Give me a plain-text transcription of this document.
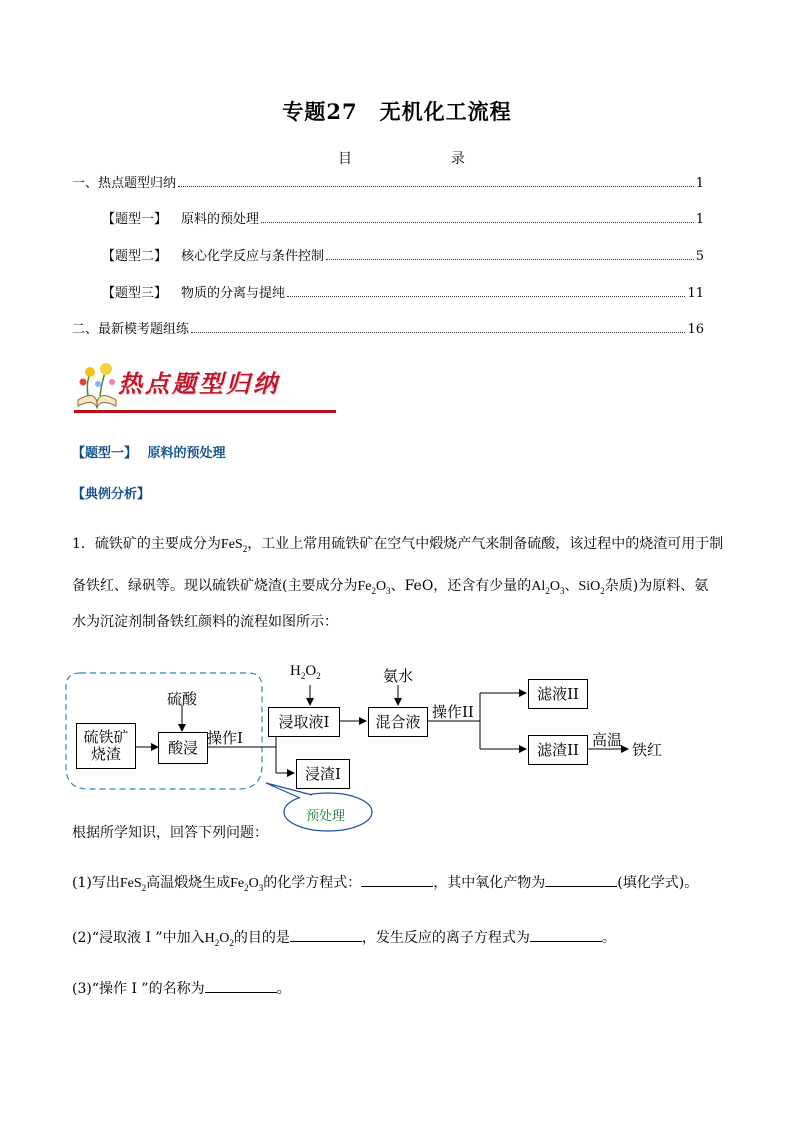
专题27　无机化工流程
目	录
一、热点题型归纳	1
【题型一】 原料的预处理	1
【题型二】 核心化学反应与条件控制	5
【题型三】 物质的分离与提纯	11
二、最新模考题组练	16
热点题型归纳
【题型一】 原料的预处理
【典例分析】
1．硫铁矿的主要成分为FeS$_2$，工业上常用硫铁矿在空气中煅烧产气来制备硫酸，该过程中的烧渣可用于制
备铁红、绿矾等。现以硫铁矿烧渣(主要成分为$Fe_2O_3$、FeO，还含有少量的$Al_2O_3$、SiO$_2$杂质)为原料、氨
水为沉淀剂制备铁红颜料的流程如图所示：
硫铁矿烧渣
硫酸
酸浸
操作I
$H_2O_2$
浸取液I
浸渣I
氨水
混合液
操作II
滤液II
滤渣II
高温
铁红
预处理
根据所学知识，回答下列问题：
(1)写出FeS$_2$高温煅烧生成$Fe_2O_3$的化学方程式：	，其中氧化产物为	(填化学式)。
(2)“浸取液 I ”中加入$H_2O_2$的目的是	，发生反应的离子方程式为	。
(3)“操作 I ”的名称为	。
